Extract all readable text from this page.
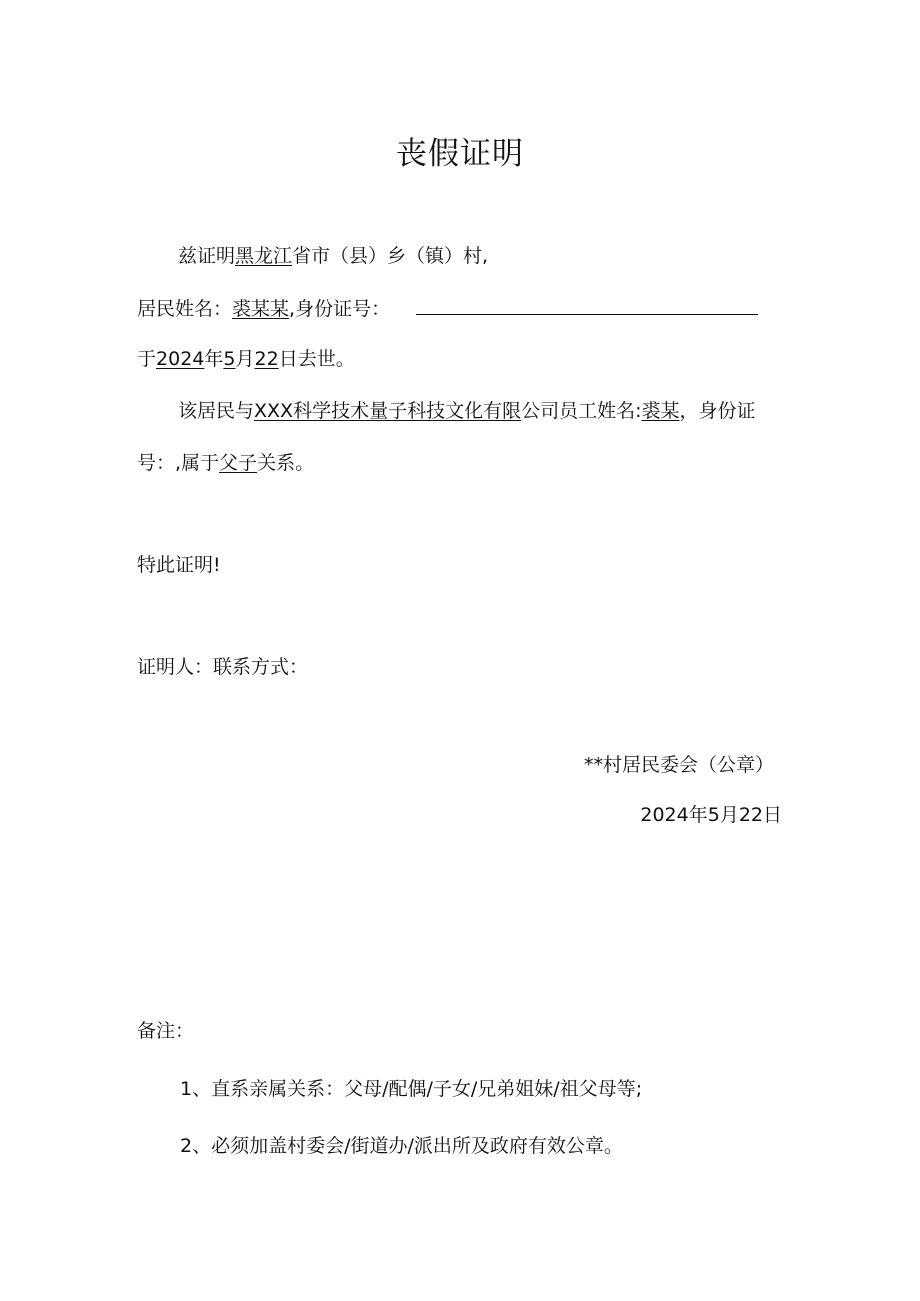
丧假证明
兹证明黑龙江省市（县）乡（镇）村,
居民姓名：裘某某,身份证号：
于2024年5月22日去世。
该居民与XXX科学技术量子科技文化有限公司员工姓名:裘某，身份证
号：,属于父子关系。
特此证明!
证明人：联系方式：
**村居民委会（公章）
2024年5月22日
备注：
1、直系亲属关系：父母/配偶/子女/兄弟姐妹/祖父母等;
2、必须加盖村委会/街道办/派出所及政府有效公章。
